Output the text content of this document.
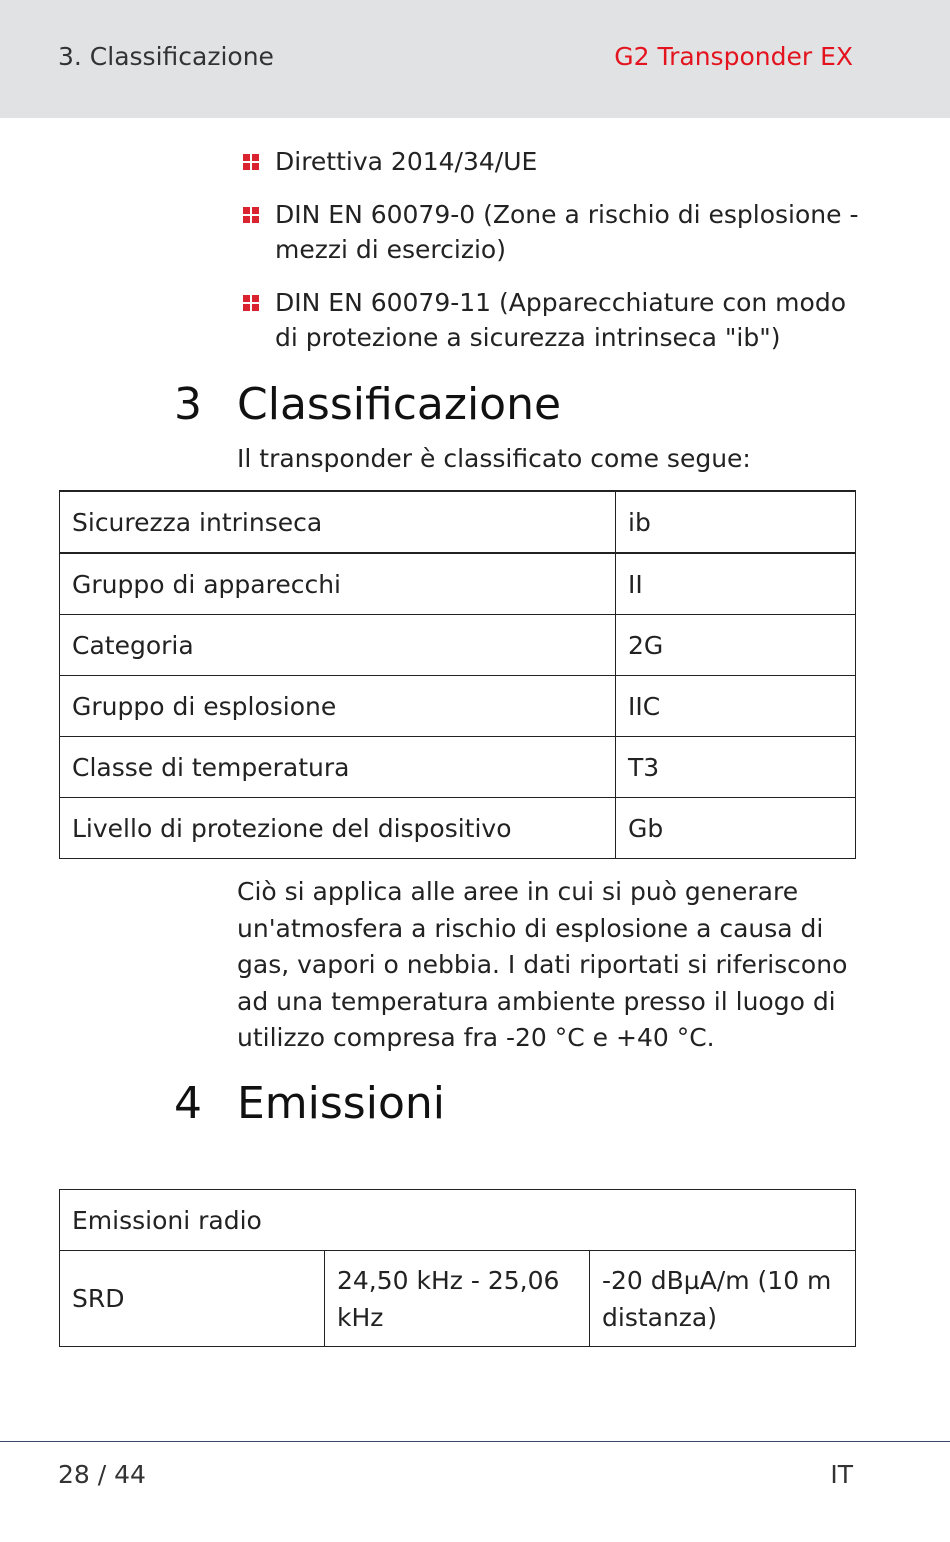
3. Classificazione	G2 Transponder EX
Direttiva 2014/34/UE
DIN EN 60079-0 (Zone a rischio di esplosione - mezzi di esercizio)
DIN EN 60079-11 (Apparecchiature con modo di protezione a sicurezza intrinseca "ib")
3 Classificazione
Il transponder è classificato come segue:
Sicurezza intrinseca	ib
Gruppo di apparecchi	II
Categoria	2G
Gruppo di esplosione	IIC
Classe di temperatura	T3
Livello di protezione del dispositivo	Gb

Ciò si applica alle aree in cui si può generare un'atmosfera a rischio di esplosione a causa di gas, vapori o nebbia. I dati riportati si riferiscono ad una temperatura ambiente presso il luogo di utilizzo compresa fra -20 °C e +40 °C.

4 Emissioni
Emissioni radio
SRD	24,50 kHz - 25,06 kHz	-20 dBµA/m (10 m distanza)
28 / 44	IT
